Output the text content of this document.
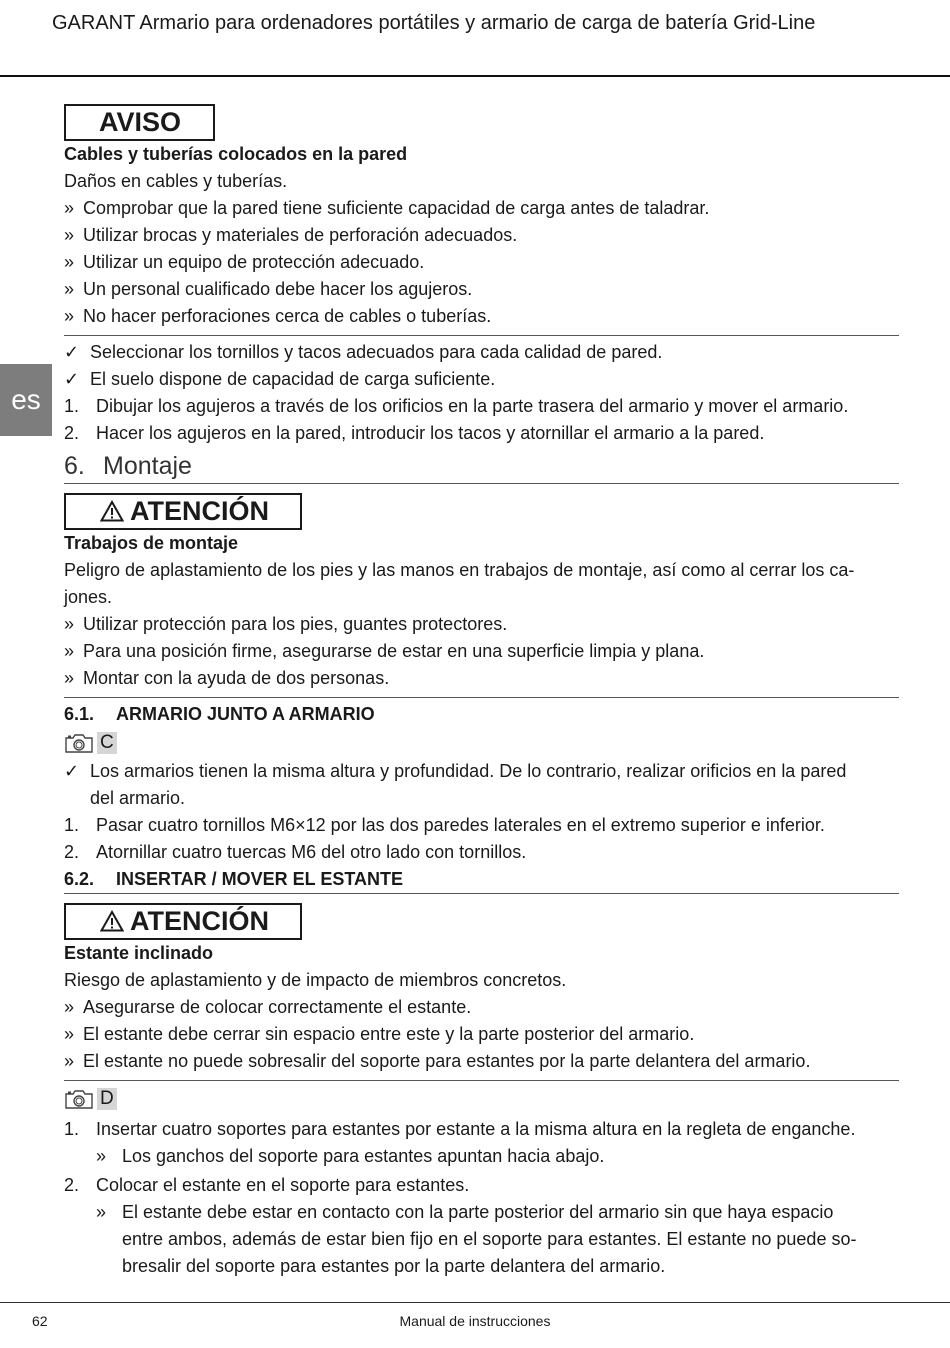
GARANT Armario para ordenadores portátiles y armario de carga de batería Grid-Line
es
AVISO
Cables y tuberías colocados en la pared
Daños en cables y tuberías.
» Comprobar que la pared tiene suficiente capacidad de carga antes de taladrar.
» Utilizar brocas y materiales de perforación adecuados.
» Utilizar un equipo de protección adecuado.
» Un personal cualificado debe hacer los agujeros.
» No hacer perforaciones cerca de cables o tuberías.
✓ Seleccionar los tornillos y tacos adecuados para cada calidad de pared.
✓ El suelo dispone de capacidad de carga suficiente.
1. Dibujar los agujeros a través de los orificios en la parte trasera del armario y mover el armario.
2. Hacer los agujeros en la pared, introducir los tacos y atornillar el armario a la pared.
6. Montaje
ATENCIÓN
Trabajos de montaje
Peligro de aplastamiento de los pies y las manos en trabajos de montaje, así como al cerrar los ca-
jones.
» Utilizar protección para los pies, guantes protectores.
» Para una posición firme, asegurarse de estar en una superficie limpia y plana.
» Montar con la ayuda de dos personas.
6.1. ARMARIO JUNTO A ARMARIO
C
✓ Los armarios tienen la misma altura y profundidad. De lo contrario, realizar orificios en la pared
del armario.
1. Pasar cuatro tornillos M6×12 por las dos paredes laterales en el extremo superior e inferior.
2. Atornillar cuatro tuercas M6 del otro lado con tornillos.
6.2. INSERTAR / MOVER EL ESTANTE
ATENCIÓN
Estante inclinado
Riesgo de aplastamiento y de impacto de miembros concretos.
» Asegurarse de colocar correctamente el estante.
» El estante debe cerrar sin espacio entre este y la parte posterior del armario.
» El estante no puede sobresalir del soporte para estantes por la parte delantera del armario.
D
1. Insertar cuatro soportes para estantes por estante a la misma altura en la regleta de enganche.
» Los ganchos del soporte para estantes apuntan hacia abajo.
2. Colocar el estante en el soporte para estantes.
» El estante debe estar en contacto con la parte posterior del armario sin que haya espacio
entre ambos, además de estar bien fijo en el soporte para estantes. El estante no puede so-
bresalir del soporte para estantes por la parte delantera del armario.
62	Manual de instrucciones
